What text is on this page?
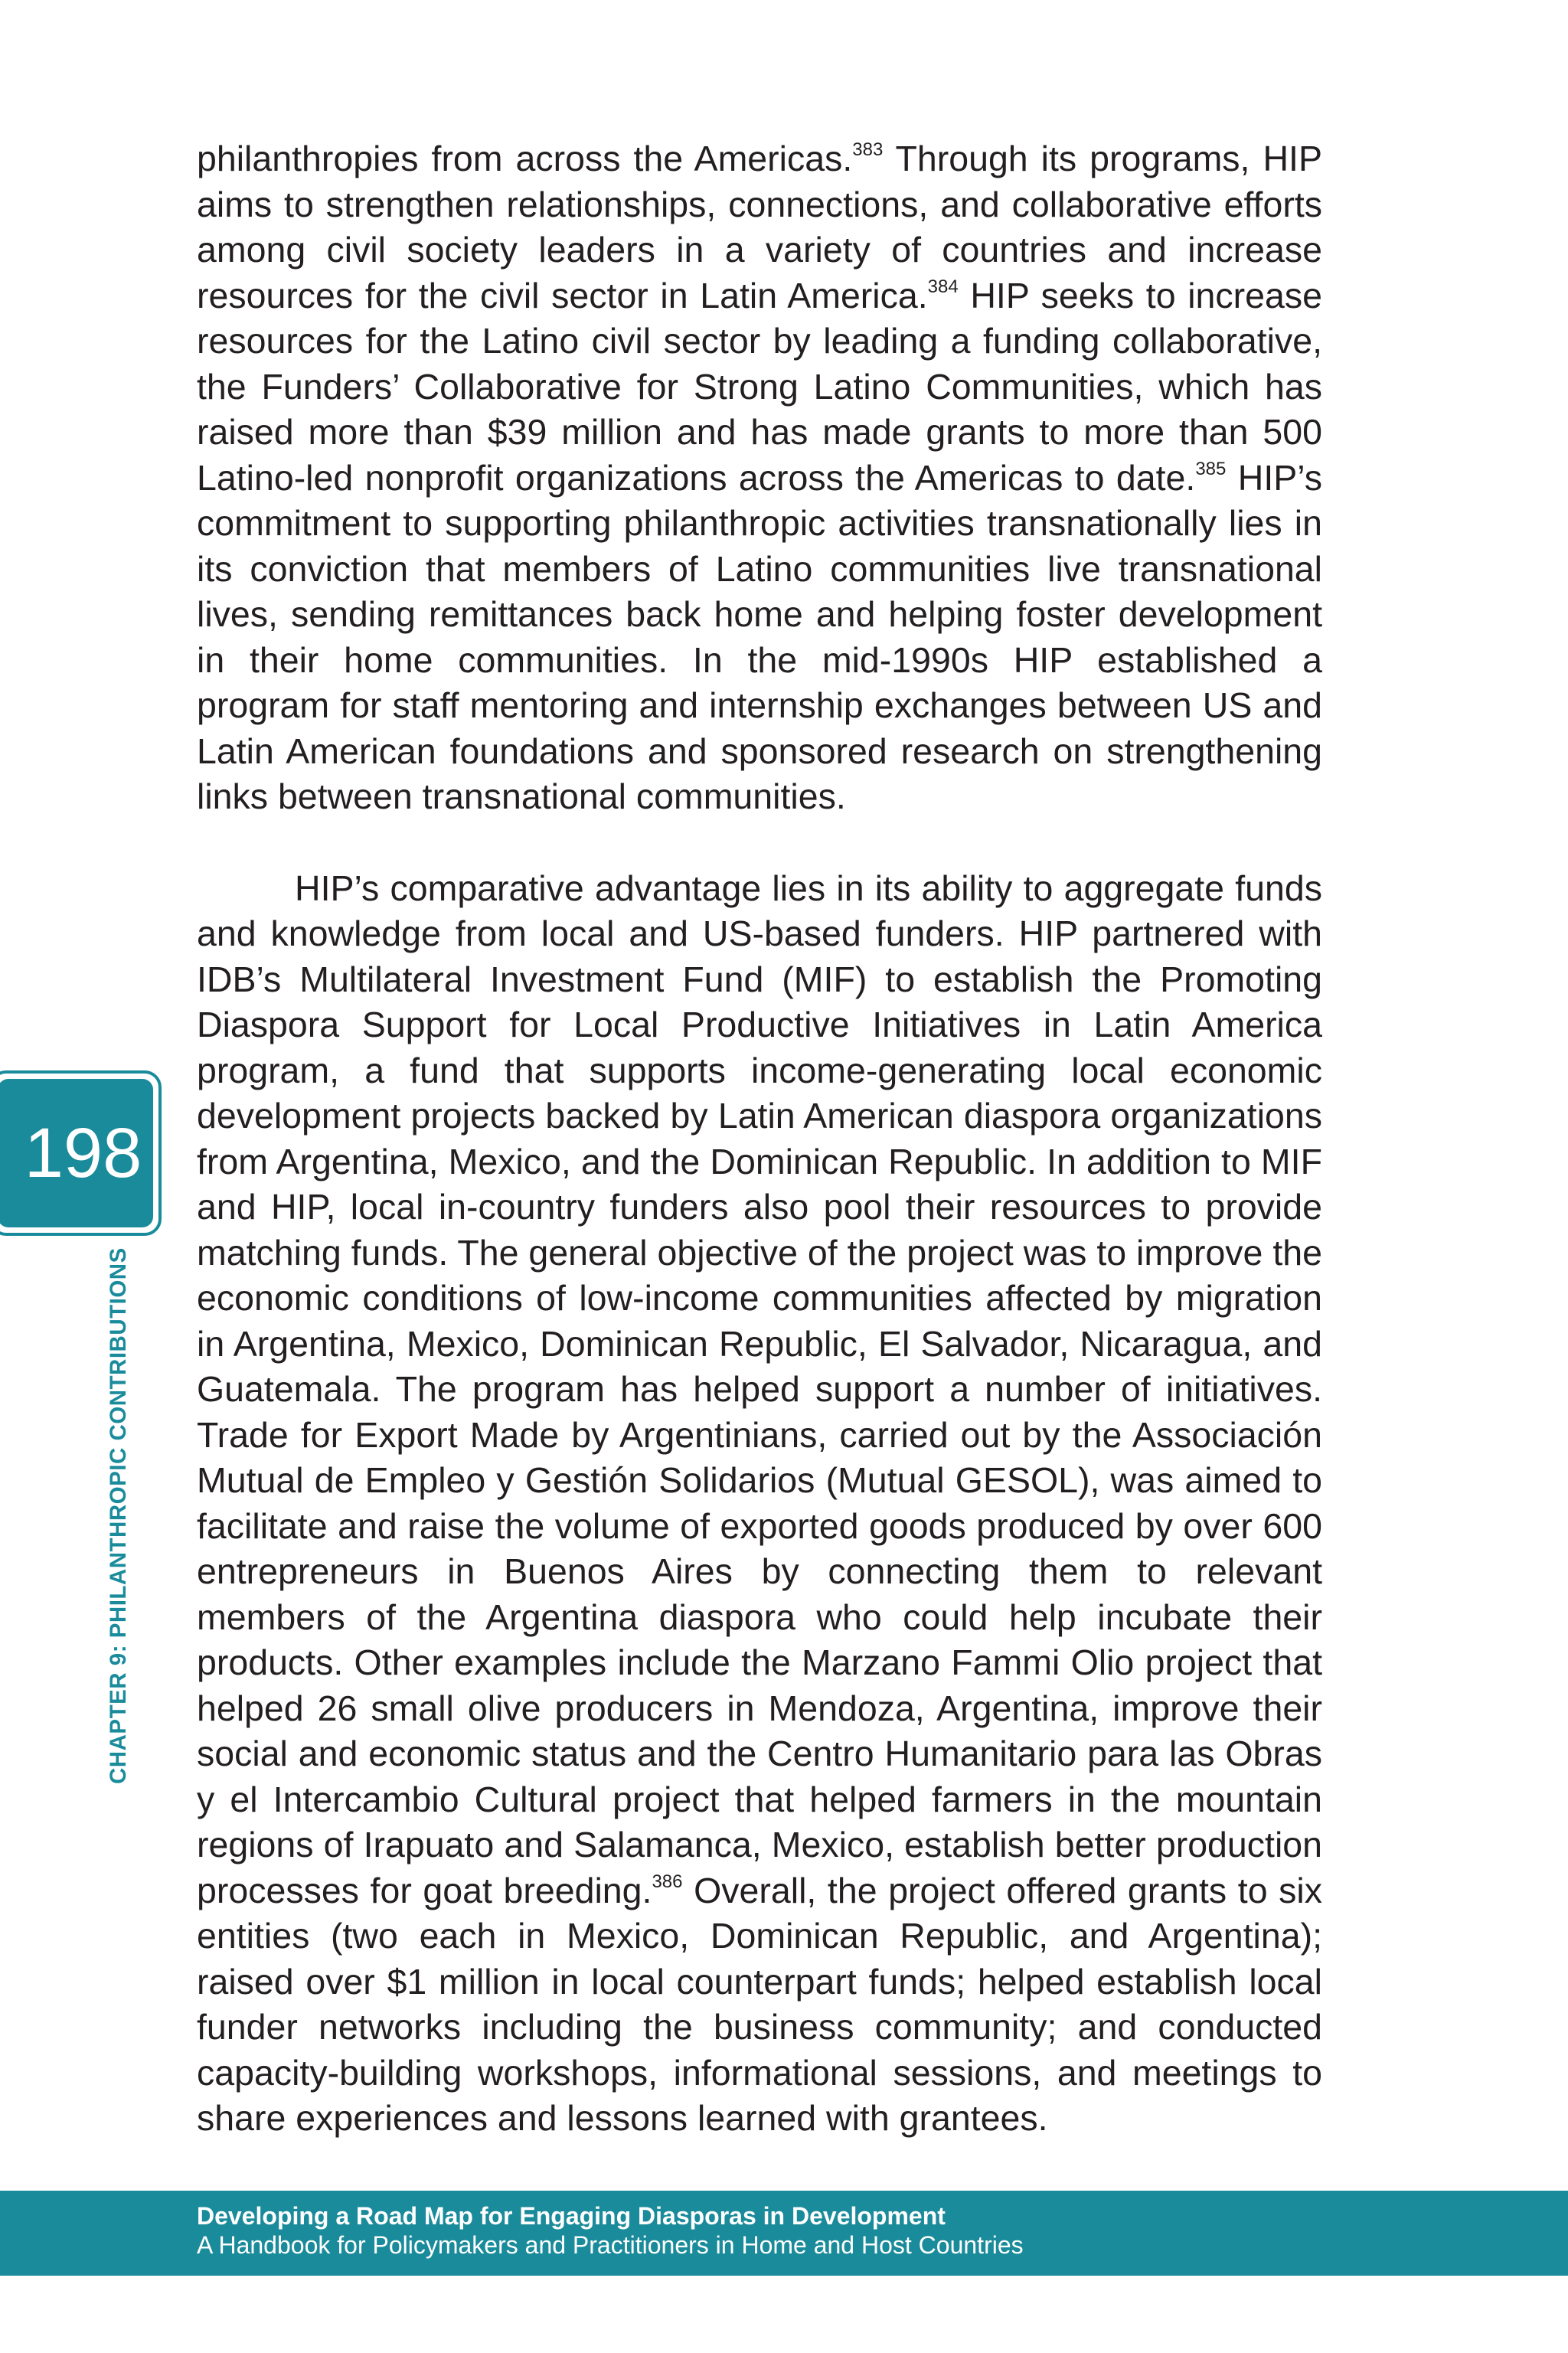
philanthropies from across the Americas.$^{383}$ Through its programs, HIP aims to strengthen relationships, connections, and collaborative efforts among civil society leaders in a variety of countries and increase resources for the civil sector in Latin America.$^{384}$ HIP seeks to increase resources for the Latino civil sector by leading a funding collaborative, the Funders’ Collaborative for Strong Latino Communities, which has raised more than $39 million and has made grants to more than 500 Latino-led nonprofit organizations across the Americas to date.$^{385}$ HIP’s commitment to supporting philanthropic activities transnationally lies in its conviction that members of Latino communities live transnational lives, sending remittances back home and helping foster development in their home communities. In the mid-1990s HIP established a program for staff mentoring and internship exchanges between US and Latin American foundations and sponsored research on strengthening links between transnational communities.

HIP’s comparative advantage lies in its ability to aggregate funds and knowledge from local and US-based funders. HIP partnered with IDB’s Multilateral Investment Fund (MIF) to establish the Promoting Diaspora Support for Local Productive Initiatives in Latin America program, a fund that supports income-generating local economic development projects backed by Latin American diaspora organizations from Argentina, Mexico, and the Dominican Republic. In addition to MIF and HIP, local in-country funders also pool their resources to provide matching funds. The general objective of the project was to improve the economic conditions of low-income communities affected by migration in Argentina, Mexico, Dominican Republic, El Salvador, Nicaragua, and Guatemala. The program has helped support a number of initiatives. Trade for Export Made by Argentinians, carried out by the Associación Mutual de Empleo y Gestión Solidarios (Mutual GESOL), was aimed to facilitate and raise the volume of exported goods produced by over 600 entrepreneurs in Buenos Aires by connecting them to relevant members of the Argentina diaspora who could help incubate their products. Other examples include the Marzano Fammi Olio project that helped 26 small olive producers in Mendoza, Argentina, improve their social and economic status and the Centro Humanitario para las Obras y el Intercambio Cultural project that helped farmers in the mountain regions of Irapuato and Salamanca, Mexico, establish better production processes for goat breeding.$^{386}$ Overall, the project offered grants to six entities (two each in Mexico, Dominican Republic, and Argentina); raised over $1 million in local counterpart funds; helped establish local funder networks including the business community; and conducted capacity-building workshops, informational sessions, and meetings to share experiences and lessons learned with grantees.

198
CHAPTER 9: PHILANTHROPIC CONTRIBUTIONS
Developing a Road Map for Engaging Diasporas in Development
A Handbook for Policymakers and Practitioners in Home and Host Countries
